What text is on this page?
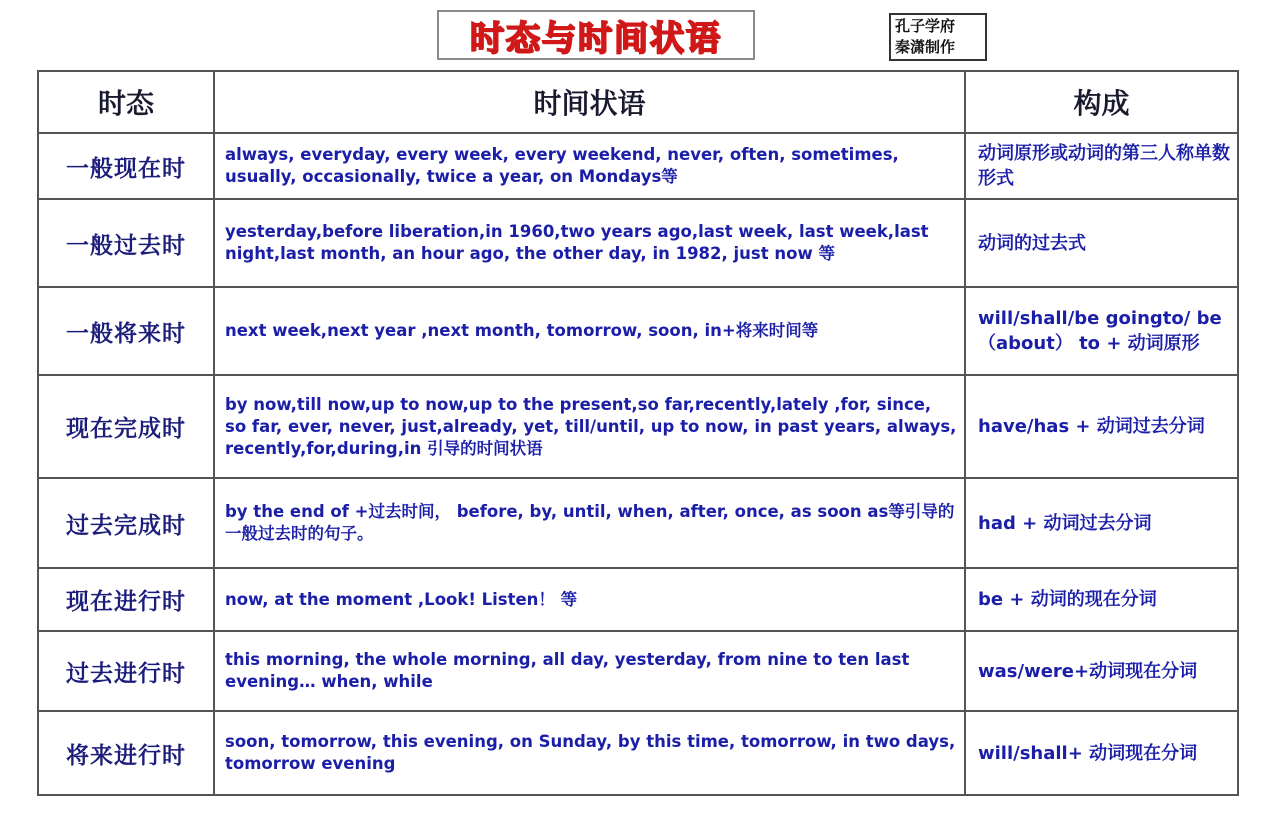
时态与时间状语	孔子学府
秦潇制作
时态	时间状语	构成
一般现在时	always, everyday, every week, every weekend, never, often, sometimes, usually, occasionally, twice a year, on Mondays等	动词原形或动词的第三人称单数形式
一般过去时	yesterday,before liberation,in 1960,two years ago,last week, last week,last night,last month, an hour ago, the other day, in 1982, just now 等	动词的过去式
一般将来时	next week,next year ,next month, tomorrow, soon, in+将来时间等	will/shall/be goingto/ be （about） to + 动词原形
现在完成时	by now,till now,up to now,up to the present,so far,recently,lately ,for, since, so far, ever, never, just,already, yet, till/until, up to now, in past years, always, recently,for,during,in 引导的时间状语	have/has + 动词过去分词
过去完成时	by the end of +过去时间， before, by, until, when, after, once, as soon as等引导的一般过去时的句子。	had + 动词过去分词
现在进行时	now, at the moment ,Look! Listen！ 等	be + 动词的现在分词
过去进行时	this morning, the whole morning, all day, yesterday, from nine to ten last evening… when, while	was/were+动词现在分词
将来进行时	soon, tomorrow, this evening, on Sunday, by this time, tomorrow, in two days, tomorrow evening	will/shall+ 动词现在分词
